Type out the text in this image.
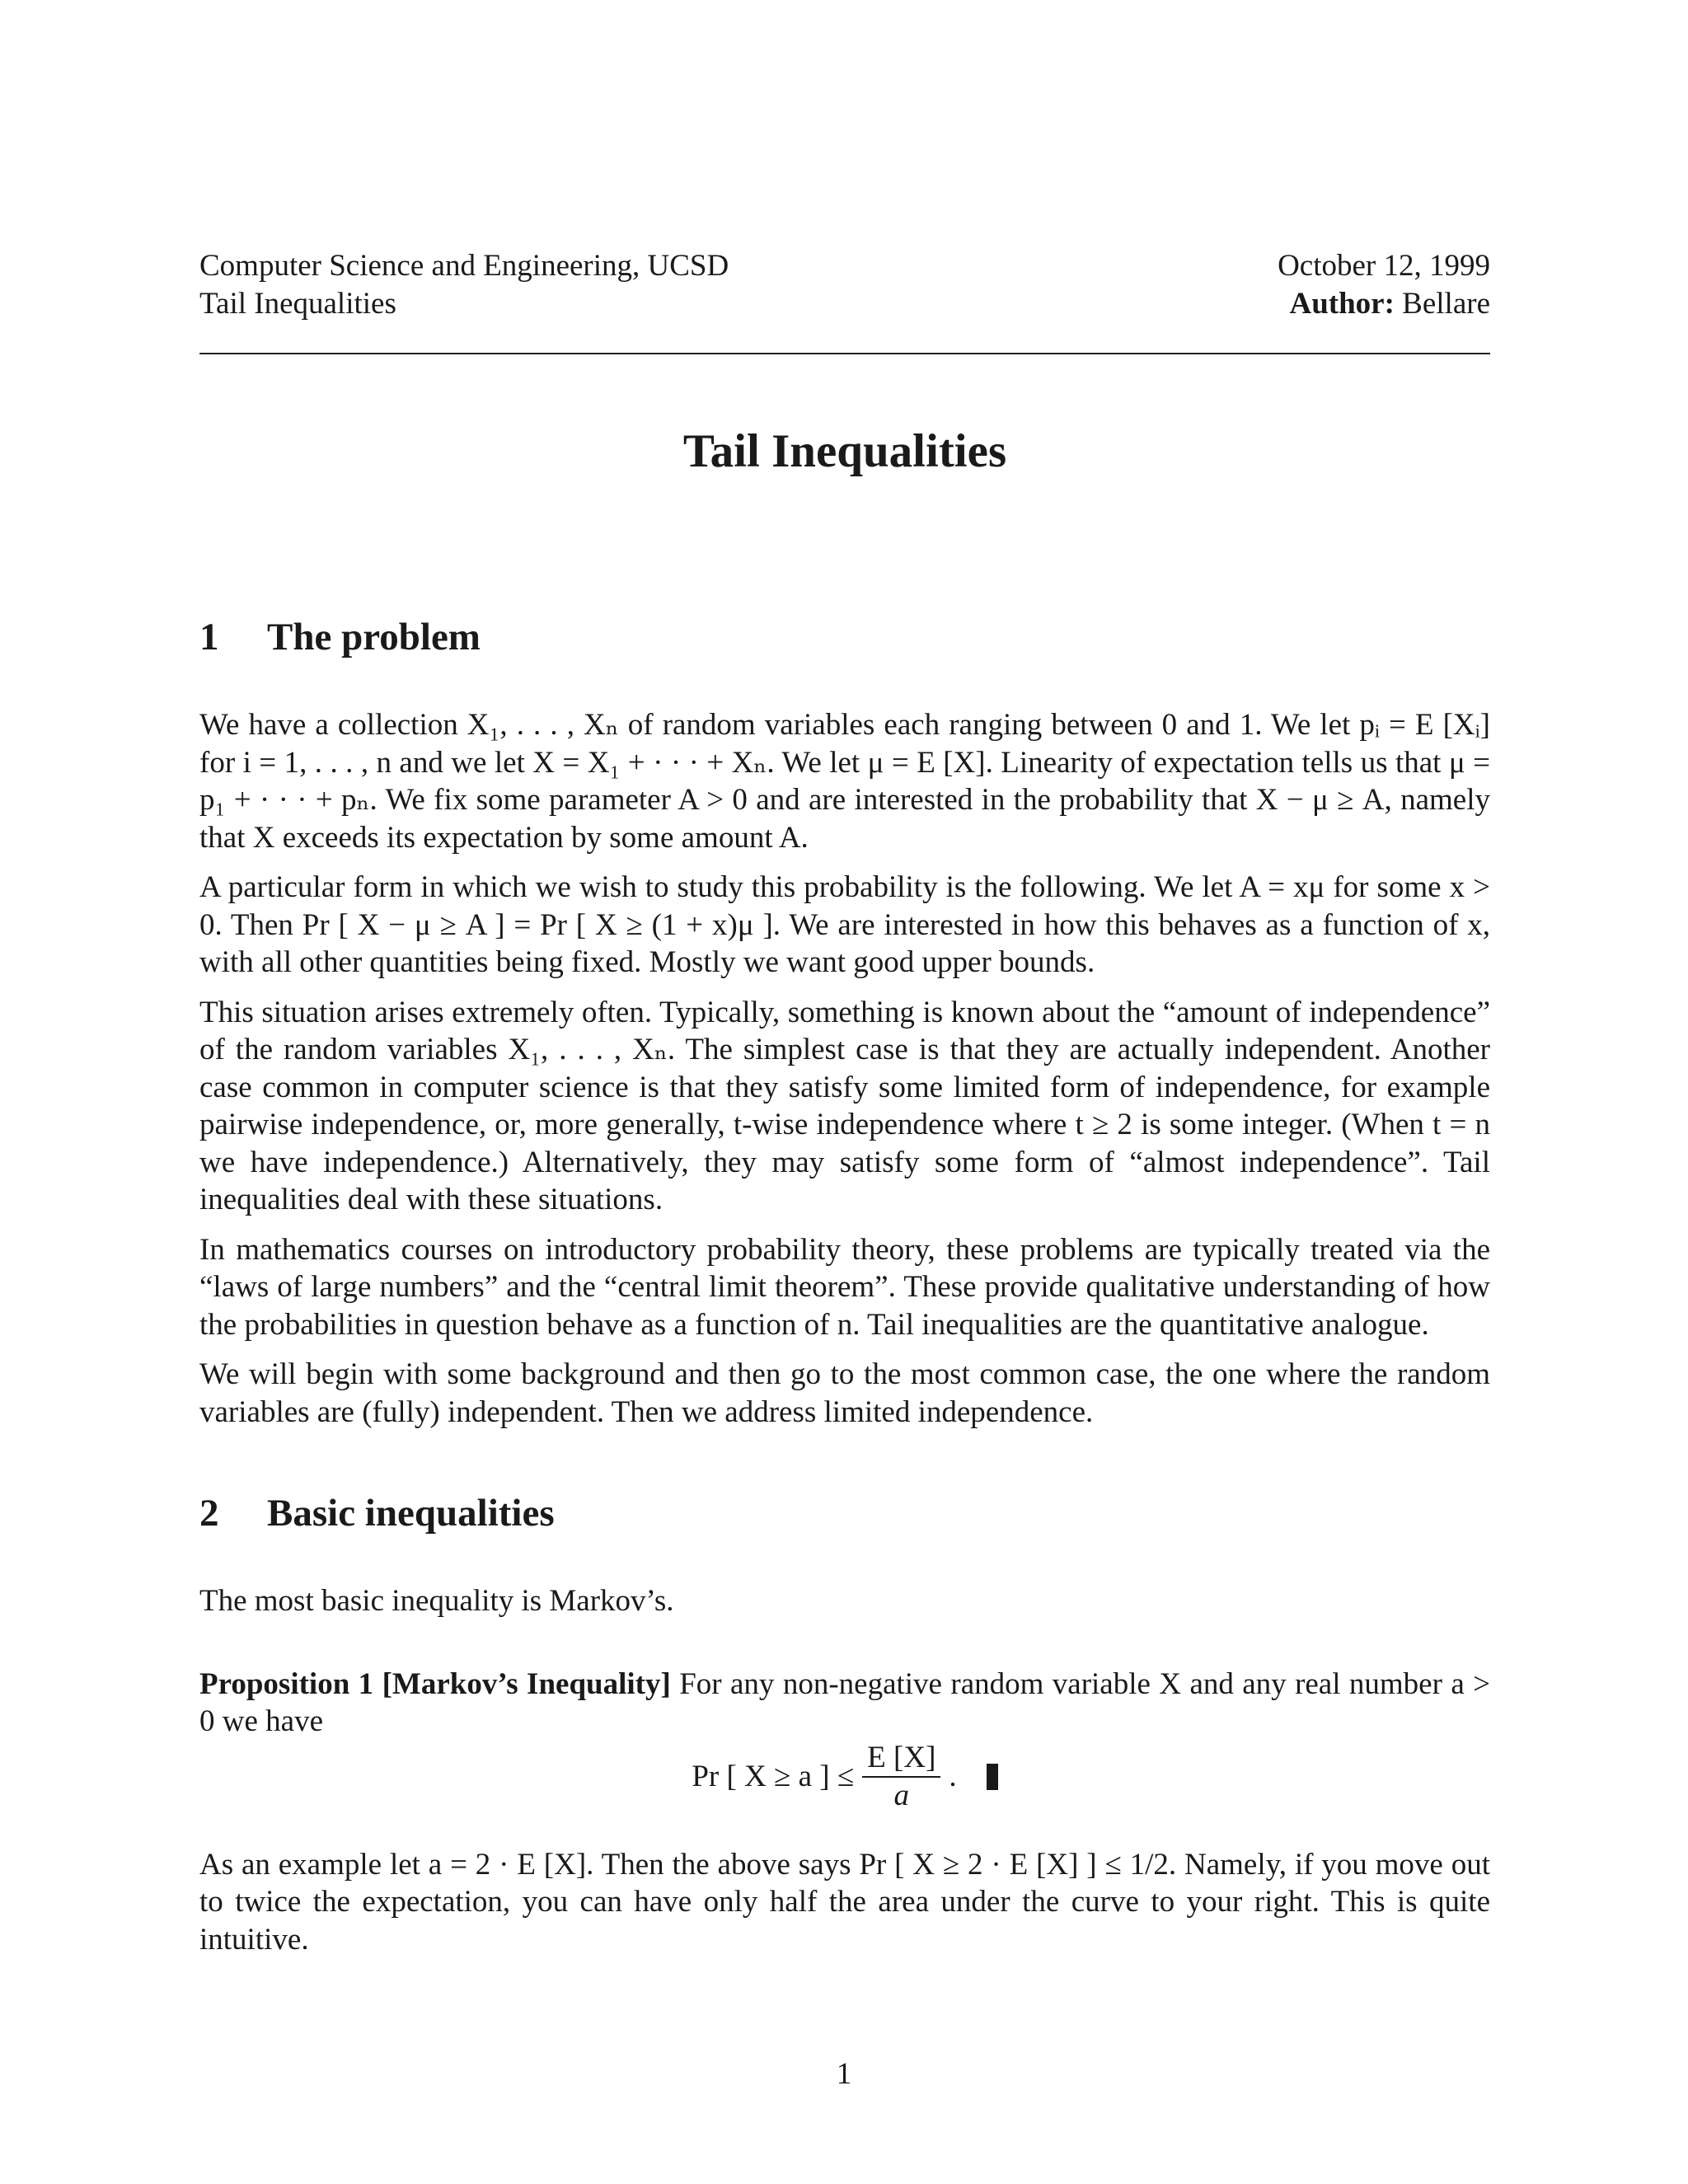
Computer Science and Engineering, UCSD	October 12, 1999
Tail Inequalities	Author: Bellare
Tail Inequalities
1 The problem

We have a collection X₁, . . . , Xₙ of random variables each ranging between 0 and 1. We let pᵢ = E [Xᵢ] for i = 1, . . . , n and we let X = X₁ + · · · + Xₙ. We let μ = E [X]. Linearity of expectation tells us that μ = p₁ + · · · + pₙ. We fix some parameter A > 0 and are interested in the probability that X − μ ≥ A, namely that X exceeds its expectation by some amount A.

A particular form in which we wish to study this probability is the following. We let A = xμ for some x > 0. Then Pr [ X − μ ≥ A ] = Pr [ X ≥ (1 + x)μ ]. We are interested in how this behaves as a function of x, with all other quantities being fixed. Mostly we want good upper bounds.

This situation arises extremely often. Typically, something is known about the “amount of independence” of the random variables X₁, . . . , Xₙ. The simplest case is that they are actually independent. Another case common in computer science is that they satisfy some limited form of independence, for example pairwise independence, or, more generally, t-wise independence where t ≥ 2 is some integer. (When t = n we have independence.) Alternatively, they may satisfy some form of “almost independence”. Tail inequalities deal with these situations.

In mathematics courses on introductory probability theory, these problems are typically treated via the “laws of large numbers” and the “central limit theorem”. These provide qualitative understanding of how the probabilities in question behave as a function of n. Tail inequalities are the quantitative analogue.

We will begin with some background and then go to the most common case, the one where the random variables are (fully) independent. Then we address limited independence.

2 Basic inequalities

The most basic inequality is Markov’s.

Proposition 1 [Markov’s Inequality] For any non-negative random variable X and any real number a > 0 we have

Pr [ X ≥ a ] ≤ $\frac{E [X]}{a}$ .

As an example let a = 2 · E [X]. Then the above says Pr [ X ≥ 2 · E [X] ] ≤ 1/2. Namely, if you move out to twice the expectation, you can have only half the area under the curve to your right. This is quite intuitive.

1
